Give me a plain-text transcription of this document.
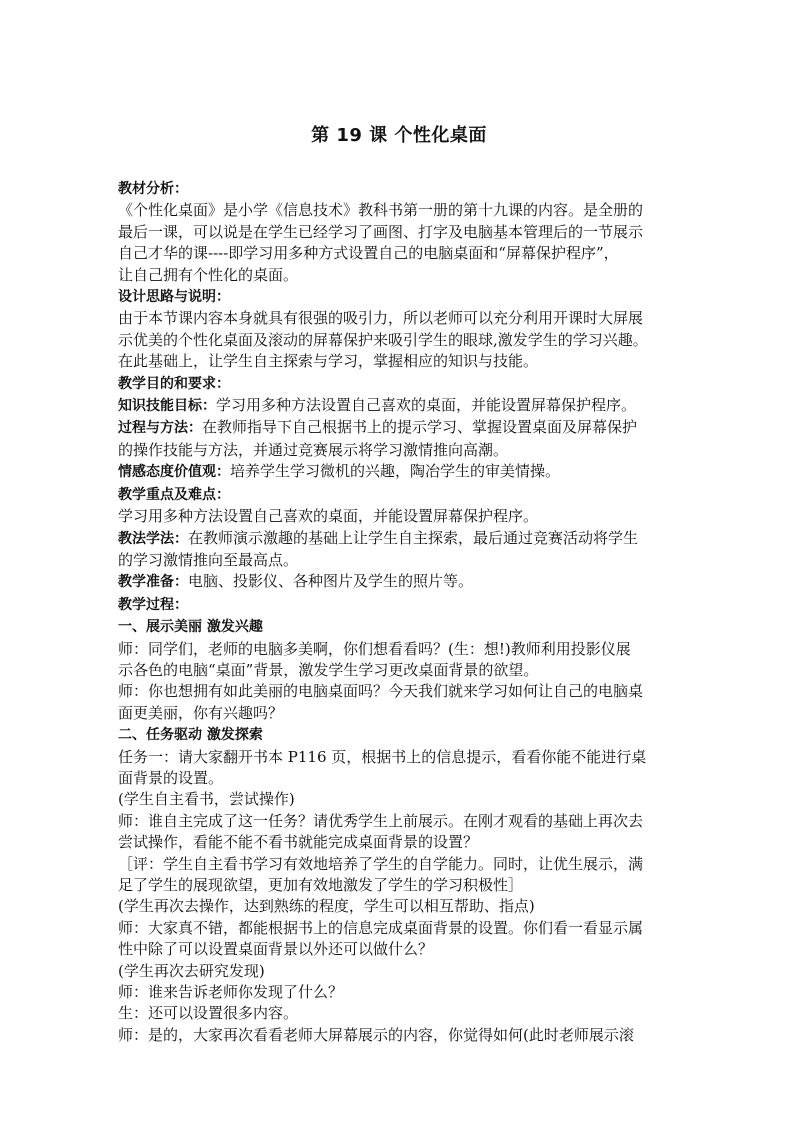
第 19 课 个性化桌面
教材分析：
《个性化桌面》是小学《信息技术》教科书第一册的第十九课的内容。是全册的
最后一课，可以说是在学生已经学习了画图、打字及电脑基本管理后的一节展示
自己才华的课----即学习用多种方式设置自己的电脑桌面和“屏幕保护程序”，
让自己拥有个性化的桌面。
设计思路与说明：
由于本节课内容本身就具有很强的吸引力，所以老师可以充分利用开课时大屏展
示优美的个性化桌面及滚动的屏幕保护来吸引学生的眼球,激发学生的学习兴趣。
在此基础上，让学生自主探索与学习，掌握相应的知识与技能。
教学目的和要求：
知识技能目标：学习用多种方法设置自己喜欢的桌面，并能设置屏幕保护程序。
过程与方法：在教师指导下自己根据书上的提示学习、掌握设置桌面及屏幕保护
的操作技能与方法，并通过竞赛展示将学习激情推向高潮。
情感态度价值观：培养学生学习微机的兴趣，陶冶学生的审美情操。
教学重点及难点：
学习用多种方法设置自己喜欢的桌面，并能设置屏幕保护程序。
教法学法：在教师演示激趣的基础上让学生自主探索，最后通过竞赛活动将学生
的学习激情推向至最高点。
教学准备：电脑、投影仪、各种图片及学生的照片等。
教学过程：
一、展示美丽 激发兴趣
师：同学们，老师的电脑多美啊，你们想看看吗？(生：想!)教师利用投影仪展
示各色的电脑“桌面”背景，激发学生学习更改桌面背景的欲望。
师：你也想拥有如此美丽的电脑桌面吗？今天我们就来学习如何让自己的电脑桌
面更美丽，你有兴趣吗？
二、任务驱动 激发探索
任务一：请大家翻开书本 P116 页，根据书上的信息提示，看看你能不能进行桌
面背景的设置。
(学生自主看书，尝试操作)
师：谁自主完成了这一任务？请优秀学生上前展示。在刚才观看的基础上再次去
尝试操作，看能不能不看书就能完成桌面背景的设置？
［评：学生自主看书学习有效地培养了学生的自学能力。同时，让优生展示，满
足了学生的展现欲望，更加有效地激发了学生的学习积极性］
(学生再次去操作，达到熟练的程度，学生可以相互帮助、指点)
师：大家真不错，都能根据书上的信息完成桌面背景的设置。你们看一看显示属
性中除了可以设置桌面背景以外还可以做什么？
(学生再次去研究发现)
师：谁来告诉老师你发现了什么？
生：还可以设置很多内容。
师：是的，大家再次看看老师大屏幕展示的内容，你觉得如何(此时老师展示滚
